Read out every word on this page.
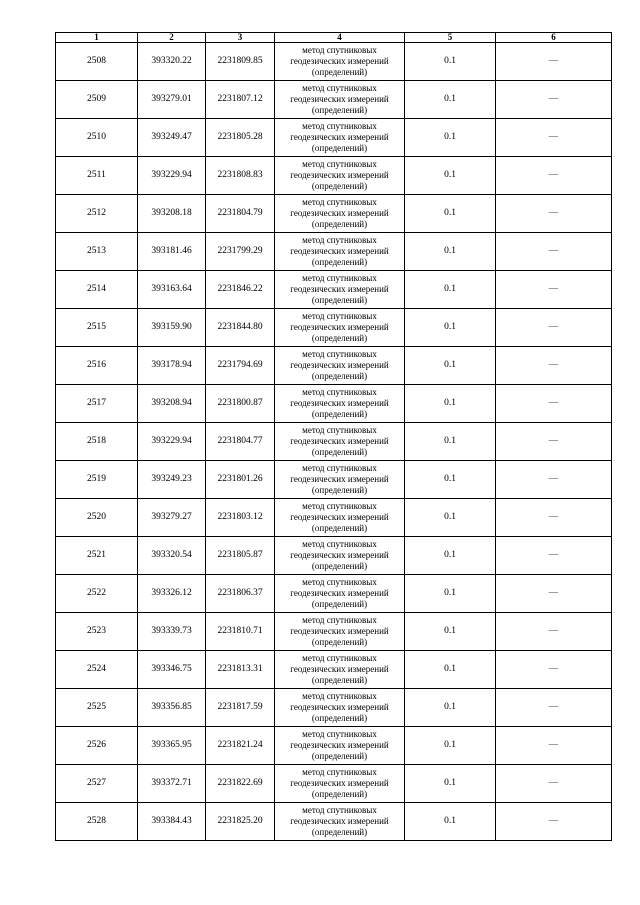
1	2	3	4	5	6
2508	393320.22	2231809.85	метод спутниковых
геодезических измерений
(определений)	0.1	—
2509	393279.01	2231807.12	метод спутниковых
геодезических измерений
(определений)	0.1	—
2510	393249.47	2231805.28	метод спутниковых
геодезических измерений
(определений)	0.1	—
2511	393229.94	2231808.83	метод спутниковых
геодезических измерений
(определений)	0.1	—
2512	393208.18	2231804.79	метод спутниковых
геодезических измерений
(определений)	0.1	—
2513	393181.46	2231799.29	метод спутниковых
геодезических измерений
(определений)	0.1	—
2514	393163.64	2231846.22	метод спутниковых
геодезических измерений
(определений)	0.1	—
2515	393159.90	2231844.80	метод спутниковых
геодезических измерений
(определений)	0.1	—
2516	393178.94	2231794.69	метод спутниковых
геодезических измерений
(определений)	0.1	—
2517	393208.94	2231800.87	метод спутниковых
геодезических измерений
(определений)	0.1	—
2518	393229.94	2231804.77	метод спутниковых
геодезических измерений
(определений)	0.1	—
2519	393249.23	2231801.26	метод спутниковых
геодезических измерений
(определений)	0.1	—
2520	393279.27	2231803.12	метод спутниковых
геодезических измерений
(определений)	0.1	—
2521	393320.54	2231805.87	метод спутниковых
геодезических измерений
(определений)	0.1	—
2522	393326.12	2231806.37	метод спутниковых
геодезических измерений
(определений)	0.1	—
2523	393339.73	2231810.71	метод спутниковых
геодезических измерений
(определений)	0.1	—
2524	393346.75	2231813.31	метод спутниковых
геодезических измерений
(определений)	0.1	—
2525	393356.85	2231817.59	метод спутниковых
геодезических измерений
(определений)	0.1	—
2526	393365.95	2231821.24	метод спутниковых
геодезических измерений
(определений)	0.1	—
2527	393372.71	2231822.69	метод спутниковых
геодезических измерений
(определений)	0.1	—
2528	393384.43	2231825.20	метод спутниковых
геодезических измерений
(определений)	0.1	—
